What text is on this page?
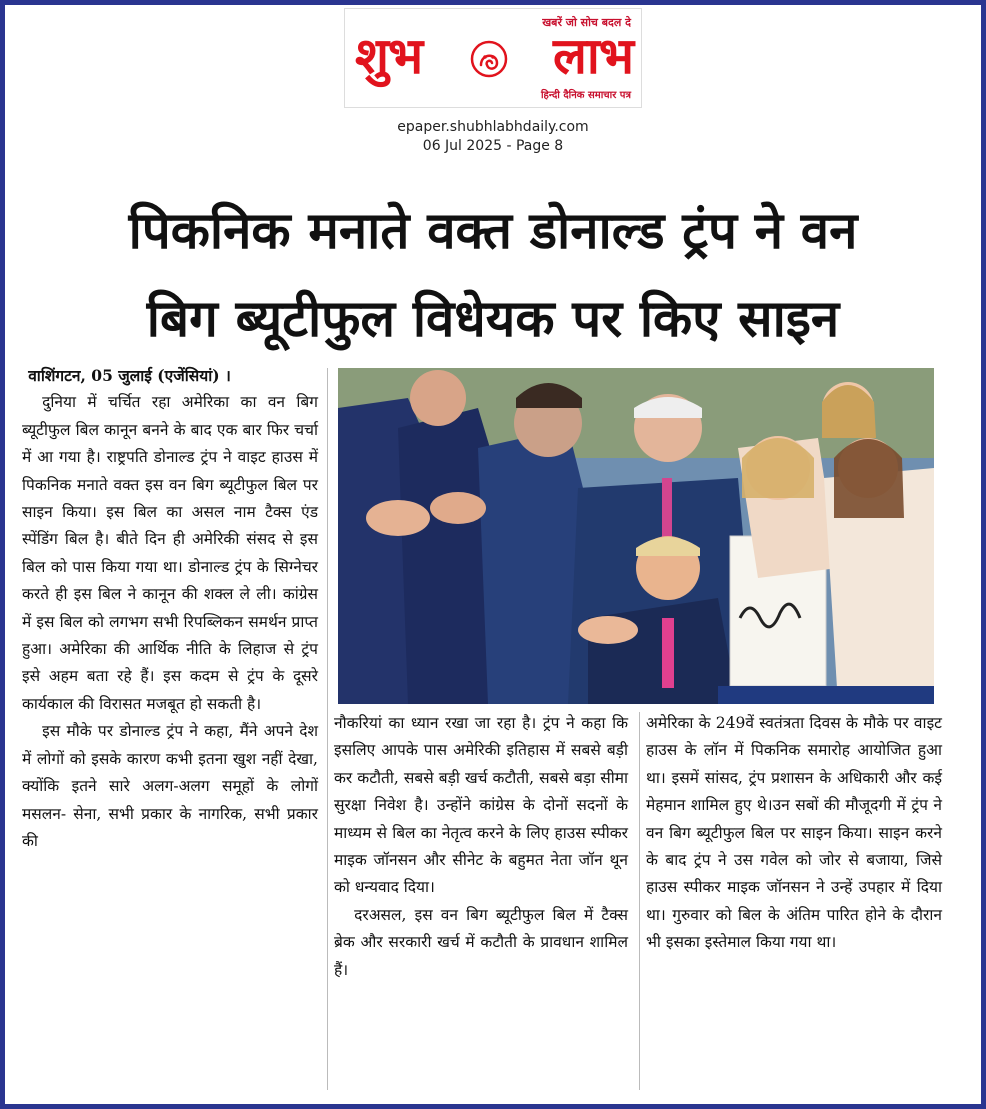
खबरें जो सोच बदल दे
शुभ	लाभ
हिन्दी दैनिक समाचार पत्र
epaper.shubhlabhdaily.com
06 Jul 2025 - Page 8
पिकनिक मनाते वक्त डोनाल्ड ट्रंप ने वन
बिग ब्यूटीफुल विधेयक पर किए साइन

वाशिंगटन, 05 जुलाई (एजेंसियां) ।

दुनिया में चर्चित रहा अमेरिका का वन बिग ब्यूटीफुल बिल कानून बनने के बाद एक बार फिर चर्चा में आ गया है। राष्ट्रपति डोनाल्ड ट्रंप ने वाइट हाउस में पिकनिक मनाते वक्त इस वन बिग ब्यूटीफुल बिल पर साइन किया। इस बिल का असल नाम टैक्स एंड स्पेंडिंग बिल है। बीते दिन ही अमेरिकी संसद से इस बिल को पास किया गया था। डोनाल्ड ट्रंप के सिग्नेचर करते ही इस बिल ने कानून की शक्ल ले ली। कांग्रेस में इस बिल को लगभग सभी रिपब्लिकन समर्थन प्राप्त हुआ। अमेरिका की आर्थिक नीति के लिहाज से ट्रंप इसे अहम बता रहे हैं। इस कदम से ट्रंप के दूसरे कार्यकाल की विरासत मजबूत हो सकती है।

इस मौके पर डोनाल्ड ट्रंप ने कहा, मैंने अपने देश में लोगों को इसके कारण कभी इतना खुश नहीं देखा, क्योंकि इतने सारे अलग-अलग समूहों के लोगों मसलन- सेना, सभी प्रकार के नागरिक, सभी प्रकार की

नौकरियां का ध्यान रखा जा रहा है। ट्रंप ने कहा कि इसलिए आपके पास अमेरिकी इतिहास में सबसे बड़ी कर कटौती, सबसे बड़ी खर्च कटौती, सबसे बड़ा सीमा सुरक्षा निवेश है। उन्होंने कांग्रेस के दोनों सदनों के माध्यम से बिल का नेतृत्व करने के लिए हाउस स्पीकर माइक जॉनसन और सीनेट के बहुमत नेता जॉन थून को धन्यवाद दिया।

दरअसल, इस वन बिग ब्यूटीफुल बिल में टैक्स ब्रेक और सरकारी खर्च में कटौती के प्रावधान शामिल हैं।

अमेरिका के 249वें स्वतंत्रता दिवस के मौके पर वाइट हाउस के लॉन में पिकनिक समारोह आयोजित हुआ था। इसमें सांसद, ट्रंप प्रशासन के अधिकारी और कई मेहमान शामिल हुए थे।उन सबों की मौजूदगी में ट्रंप ने वन बिग ब्यूटीफुल बिल पर साइन किया। साइन करने के बाद ट्रंप ने उस गवेल को जोर से बजाया, जिसे हाउस स्पीकर माइक जॉनसन ने उन्हें उपहार में दिया था। गुरुवार को बिल के अंतिम पारित होने के दौरान भी इसका इस्तेमाल किया गया था।
